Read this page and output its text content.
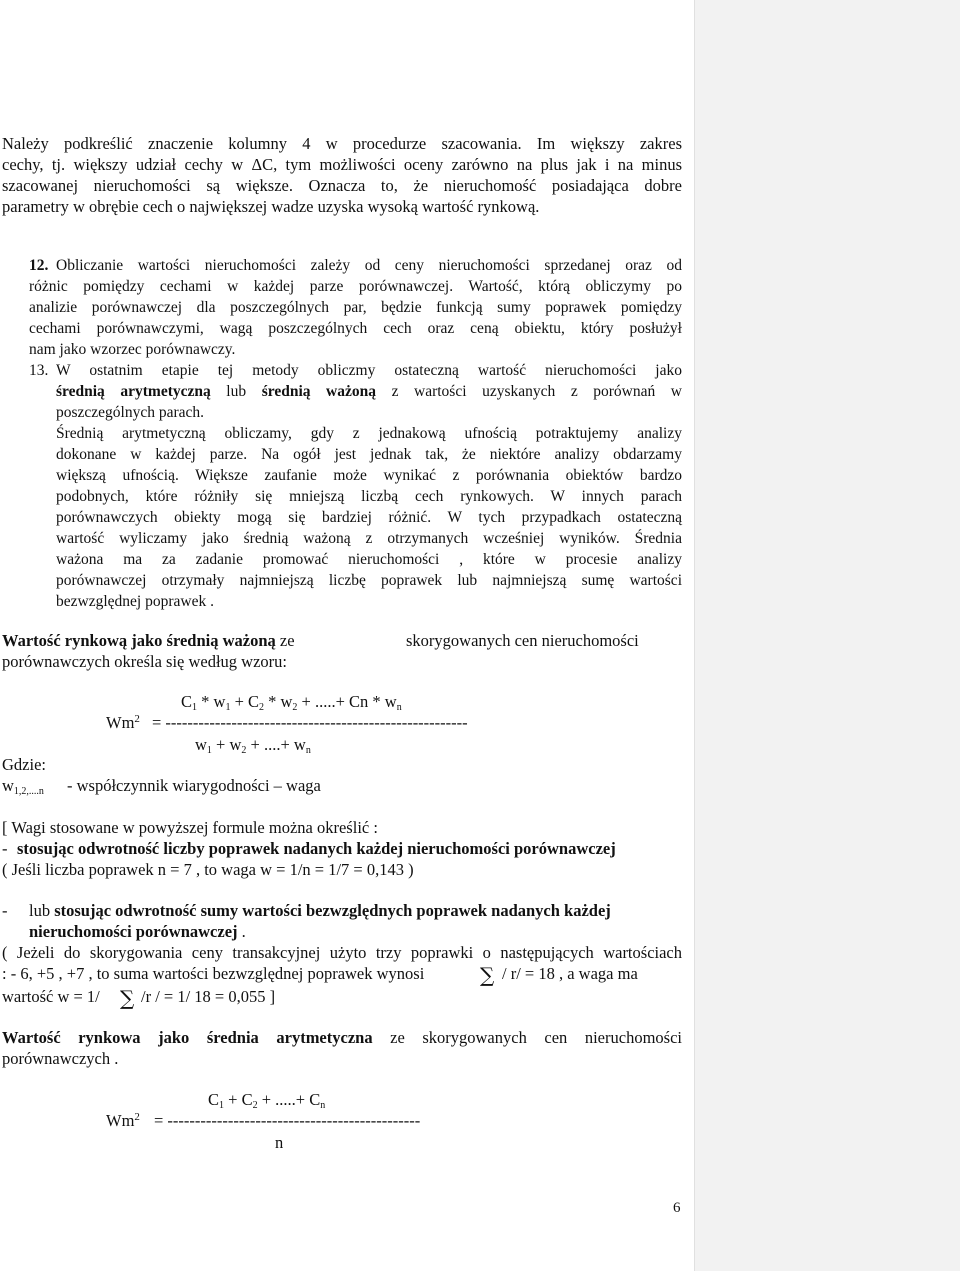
Należy podkreślić znaczenie kolumny 4 w procedurze szacowania. Im większy zakres
cechy, tj. większy udział cechy w ΔC, tym możliwości oceny zarówno na plus jak i na minus
szacowanej nieruchomości są większe. Oznacza to, że nieruchomość posiadająca dobre
parametry w obrębie cech o największej wadze uzyska wysoką wartość rynkową.
12. Obliczanie wartości nieruchomości zależy od ceny nieruchomości sprzedanej oraz od
różnic pomiędzy cechami w każdej parze porównawczej. Wartość, którą obliczymy po
analizie porównawczej dla poszczególnych par, będzie funkcją sumy poprawek pomiędzy
cechami porównawczymi, wagą poszczególnych cech oraz ceną obiektu, który posłużył
nam jako wzorzec porównawczy.
13. W ostatnim etapie tej metody obliczmy ostateczną wartość nieruchomości jako
średnią arytmetyczną lub średnią ważoną z wartości uzyskanych z porównań w
poszczególnych parach.
Średnią arytmetyczną obliczamy, gdy z jednakową ufnością potraktujemy analizy
dokonane w każdej parze. Na ogół jest jednak tak, że niektóre analizy obdarzamy
większą ufnością. Większe zaufanie może wynikać z porównania obiektów bardzo
podobnych, które różniły się mniejszą liczbą cech rynkowych. W innych parach
porównawczych obiekty mogą się bardziej różnić. W tych przypadkach ostateczną
wartość wyliczamy jako średnią ważoną z otrzymanych wcześniej wyników. Średnia
ważona ma za zadanie promować nieruchomości , które w procesie analizy
porównawczej otrzymały najmniejszą liczbę poprawek lub najmniejszą sumę wartości
bezwzględnej poprawek .
Wartość rynkową jako średnią ważoną ze	skorygowanych cen nieruchomości
porównawczych określa się według wzoru:
$C_1 * w_1 + C_2 * w_2$ + .....+ Cn * $w_n$
$Wm^2$ = -------------------------------------------------------
$w_1 + w_2$ + ....+ $w_n$
Gdzie:
$w_{1,2,....n}$ - współczynnik wiarygodności – waga
[ Wagi stosowane w powyższej formule można określić :
- stosując odwrotność liczby poprawek nadanych każdej nieruchomości porównawczej
( Jeśli liczba poprawek n = 7 , to waga w = 1/n = 1/7 = 0,143 )
- lub stosując odwrotność sumy wartości bezwzględnych poprawek nadanych każdej
nieruchomości porównawczej .
( Jeżeli do skorygowania ceny transakcyjnej użyto trzy poprawki o następujących wartościach
: - 6, +5 , +7 , to suma wartości bezwzględnej poprawek wynosi	∑ / r/ = 18 , a waga ma
wartość w = 1/ ∑ /r / = 1/ 18 = 0,055 ]
Wartość rynkowa jako średnia arytmetyczna ze skorygowanych cen nieruchomości
porównawczych .
$C_1 + C_2$ + .....+ $C_n$
$Wm^2$ = ----------------------------------------------
n
6
